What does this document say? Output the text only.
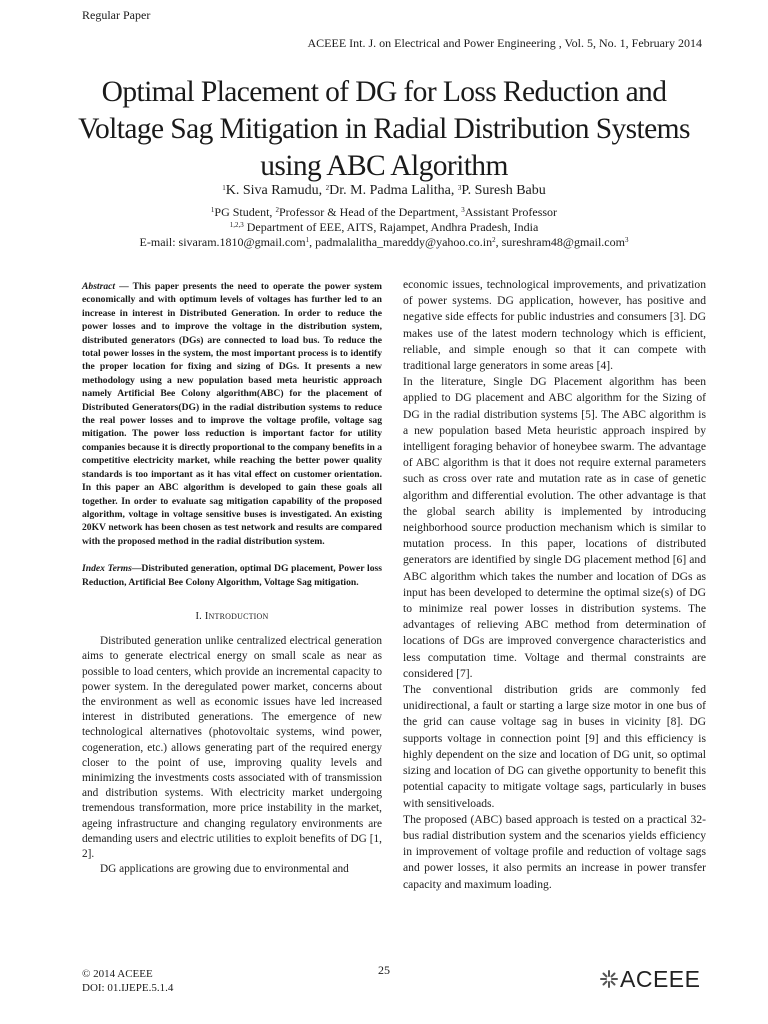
Regular Paper
ACEEE Int. J. on Electrical and Power Engineering , Vol. 5, No. 1, February 2014
Optimal Placement of DG for Loss Reduction and
Voltage Sag Mitigation in Radial Distribution Systems
using ABC Algorithm
$^1$K. Siva Ramudu, $^2$Dr. M. Padma Lalitha, $^3$P. Suresh Babu
$^1$PG Student, $^2$Professor & Head of the Department, $^3$Assistant Professor
$^{1,2,3}$ Department of EEE, AITS, Rajampet, Andhra Pradesh, India
E-mail: sivaram.1810@gmail.com$^1$, $padmalalitha\_mareddy@yahoo.co.in^2$, sureshram48@gmail.com$^3$
Abstract — This paper presents the need to operate the power system economically and with optimum levels of voltages has further led to an increase in interest in Distributed Generation. In order to reduce the power losses and to improve the voltage in the distribution system, distributed generators (DGs) are connected to load bus. To reduce the total power losses in the system, the most important process is to identify the proper location for fixing and sizing of DGs. It presents a new methodology using a new population based meta heuristic approach namely Artificial Bee Colony algorithm(ABC) for the placement of Distributed Generators(DG) in the radial distribution systems to reduce the real power losses and to improve the voltage profile, voltage sag mitigation. The power loss reduction is important factor for utility companies because it is directly proportional to the company benefits in a competitive electricity market, while reaching the better power quality standards is too important as it has vital effect on customer orientation. In this paper an ABC algorithm is developed to gain these goals all together. In order to evaluate sag mitigation capability of the proposed algorithm, voltage in voltage sensitive buses is investigated. An existing 20KV network has been chosen as test network and results are compared with the proposed method in the radial distribution system.
Index Terms—Distributed generation, optimal DG placement, Power loss Reduction, Artificial Bee Colony Algorithm, Voltage Sag mitigation.
I. INTRODUCTION

Distributed generation unlike centralized electrical generation aims to generate electrical energy on small scale as near as possible to load centers, which provide an incremental capacity to power system. In the deregulated power market, concerns about the environment as well as economic issues have led increased interest in distributed generations. The emergence of new technological alternatives (photovoltaic systems, wind power, cogeneration, etc.) allows generating part of the required energy closer to the point of use, improving quality levels and minimizing the investments costs associated with of transmission and distribution systems. With electricity market undergoing tremendous transformation, more price instability in the market, ageing infrastructure and changing regulatory environments are demanding users and electric utilities to exploit benefits of DG [1, 2].

DG applications are growing due to environmental and

economic issues, technological improvements, and privatization of power systems. DG application, however, has positive and negative side effects for public industries and consumers [3]. DG makes use of the latest modern technology which is efficient, reliable, and simple enough so that it can compete with traditional large generators in some areas [4].

In the literature, Single DG Placement algorithm has been applied to DG placement and ABC algorithm for the Sizing of DG in the radial distribution systems [5]. The ABC algorithm is a new population based Meta heuristic approach inspired by intelligent foraging behavior of honeybee swarm. The advantage of ABC algorithm is that it does not require external parameters such as cross over rate and mutation rate as in case of genetic algorithm and differential evolution. The other advantage is that the global search ability is implemented by introducing neighborhood source production mechanism which is similar to mutation process. In this paper, locations of distributed generators are identified by single DG placement method [6] and ABC algorithm which takes the number and location of DGs as input has been developed to determine the optimal size(s) of DG to minimize real power losses in distribution systems. The advantages of relieving ABC method from determination of locations of DGs are improved convergence characteristics and less computation time. Voltage and thermal constraints are considered [7].

The conventional distribution grids are commonly fed unidirectional, a fault or starting a large size motor in one bus of the grid can cause voltage sag in buses in vicinity [8]. DG supports voltage in connection point [9] and this efficiency is highly dependent on the size and location of DG unit, so optimal sizing and location of DG can givethe opportunity to benefit this potential capacity to mitigate voltage sags, particularly in buses with sensitiveloads.

The proposed (ABC) based approach is tested on a practical 32-bus radial distribution system and the scenarios yields efficiency in improvement of voltage profile and reduction of voltage sags and power losses, it also permits an increase in power transfer capacity and maximum loading.

25
© 2014 ACEEE
DOI: 01.IJEPE.5.1.4	ACEEE
